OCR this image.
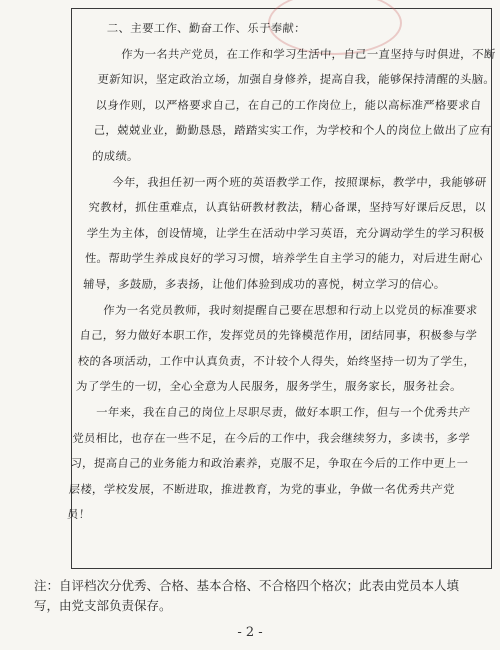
二、主要工作、勤奋工作、乐于奉献：

作为一名共产党员，在工作和学习生活中，自己一直坚持与时俱进，不断更新知识，坚定政治立场，加强自身修养，提高自我，能够保持清醒的头脑。以身作则，以严格要求自己，在自己的工作岗位上，能以高标准严格要求自己，兢兢业业，勤勤恳恳，踏踏实实工作，为学校和个人的岗位上做出了应有的成绩。

今年，我担任初一两个班的英语教学工作，按照课标，教学中，我能够研究教材，抓住重难点，认真钻研教材教法，精心备课，坚持写好课后反思，以学生为主体，创设情境，让学生在活动中学习英语，充分调动学生的学习积极性。帮助学生养成良好的学习习惯，培养学生自主学习的能力，对后进生耐心辅导，多鼓励，多表扬，让他们体验到成功的喜悦，树立学习的信心。

作为一名党员教师，我时刻提醒自己要在思想和行动上以党员的标准要求自己，努力做好本职工作，发挥党员的先锋模范作用，团结同事，积极参与学校的各项活动，工作中认真负责，不计较个人得失，始终坚持一切为了学生，为了学生的一切，全心全意为人民服务，服务学生，服务家长，服务社会。

一年来，我在自己的岗位上尽职尽责，做好本职工作，但与一个优秀共产党员相比，也存在一些不足，在今后的工作中，我会继续努力，多读书，多学习，提高自己的业务能力和政治素养，克服不足，争取在今后的工作中更上一层楼，学校发展，不断进取，推进教育，为党的事业，争做一名优秀共产党员！

注：自评档次分优秀、合格、基本合格、不合格四个格次；此表由党员本人填写，由党支部负责保存。
- 2 -
